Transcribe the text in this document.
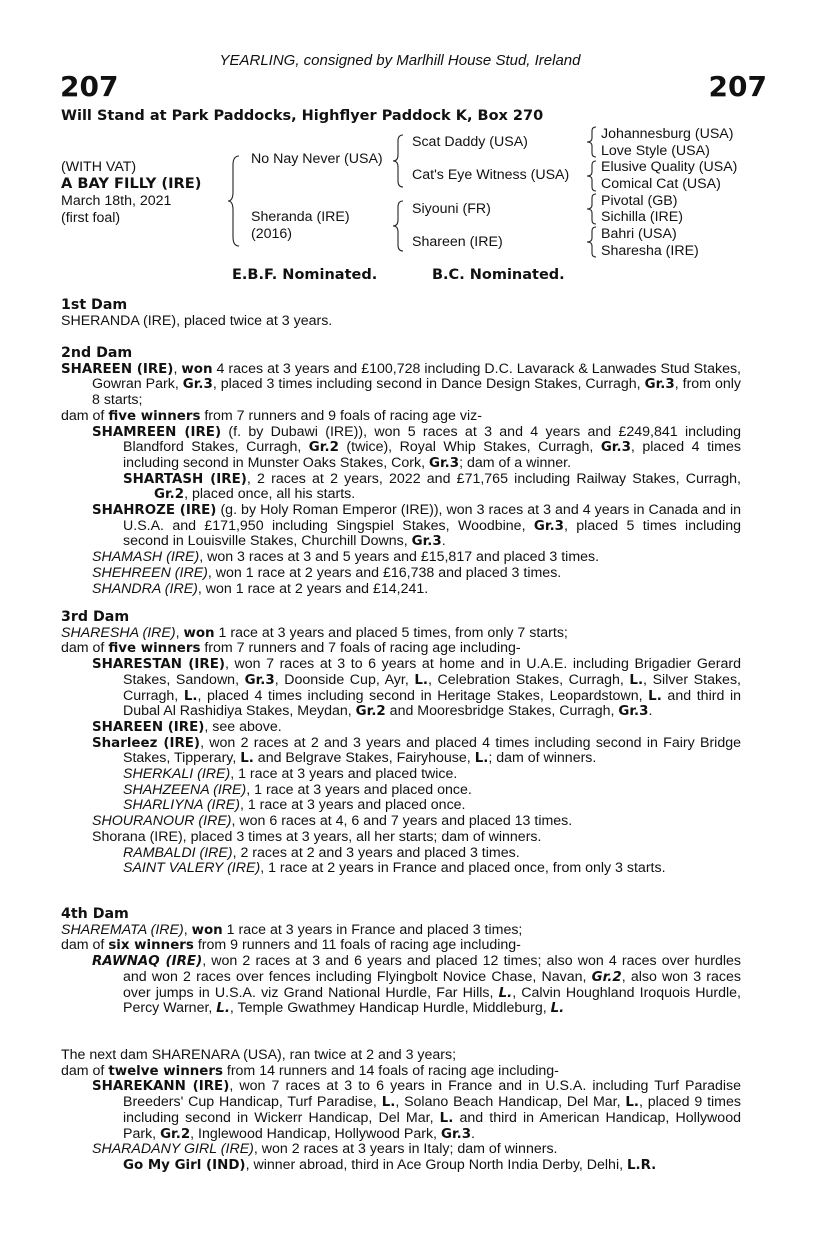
YEARLING, consigned by Marlhill House Stud, Ireland
207	207
Will Stand at Park Paddocks, Highflyer Paddock K, Box 270
(WITH VAT)
A BAY FILLY (IRE)
March 18th, 2021
(first foal)
No Nay Never (USA)
Sheranda (IRE)
(2016)
Scat Daddy (USA)
Cat's Eye Witness (USA)
Siyouni (FR)
Shareen (IRE)
Johannesburg (USA)
Love Style (USA)
Elusive Quality (USA)
Comical Cat (USA)
Pivotal (GB)
Sichilla (IRE)
Bahri (USA)
Sharesha (IRE)
E.B.F. Nominated.	B.C. Nominated.

1st Dam

SHERANDA (IRE), placed twice at 3 years.

2nd Dam

SHAREEN (IRE), won 4 races at 3 years and £100,728 including D.C. Lavarack & Lanwades Stud Stakes, Gowran Park, Gr.3, placed 3 times including second in Dance Design Stakes, Curragh, Gr.3, from only 8 starts;

dam of five winners from 7 runners and 9 foals of racing age viz-

SHAMREEN (IRE) (f. by Dubawi (IRE)), won 5 races at 3 and 4 years and £249,841 including Blandford Stakes, Curragh, Gr.2 (twice), Royal Whip Stakes, Curragh, Gr.3, placed 4 times including second in Munster Oaks Stakes, Cork, Gr.3; dam of a winner.

SHARTASH (IRE), 2 races at 2 years, 2022 and £71,765 including Railway Stakes, Curragh, Gr.2, placed once, all his starts.

SHAHROZE (IRE) (g. by Holy Roman Emperor (IRE)), won 3 races at 3 and 4 years in Canada and in U.S.A. and £171,950 including Singspiel Stakes, Woodbine, Gr.3, placed 5 times including second in Louisville Stakes, Churchill Downs, Gr.3.

SHAMASH (IRE), won 3 races at 3 and 5 years and £15,817 and placed 3 times.

SHEHREEN (IRE), won 1 race at 2 years and £16,738 and placed 3 times.

SHANDRA (IRE), won 1 race at 2 years and £14,241.

3rd Dam

SHARESHA (IRE), won 1 race at 3 years and placed 5 times, from only 7 starts;

dam of five winners from 7 runners and 7 foals of racing age including-

SHARESTAN (IRE), won 7 races at 3 to 6 years at home and in U.A.E. including Brigadier Gerard Stakes, Sandown, Gr.3, Doonside Cup, Ayr, L., Celebration Stakes, Curragh, L., Silver Stakes, Curragh, L., placed 4 times including second in Heritage Stakes, Leopardstown, L. and third in Dubal Al Rashidiya Stakes, Meydan, Gr.2 and Mooresbridge Stakes, Curragh, Gr.3.

SHAREEN (IRE), see above.

Sharleez (IRE), won 2 races at 2 and 3 years and placed 4 times including second in Fairy Bridge Stakes, Tipperary, L. and Belgrave Stakes, Fairyhouse, L.; dam of winners.

SHERKALI (IRE), 1 race at 3 years and placed twice.

SHAHZEENA (IRE), 1 race at 3 years and placed once.

SHARLIYNA (IRE), 1 race at 3 years and placed once.

SHOURANOUR (IRE), won 6 races at 4, 6 and 7 years and placed 13 times.

Shorana (IRE), placed 3 times at 3 years, all her starts; dam of winners.

RAMBALDI (IRE), 2 races at 2 and 3 years and placed 3 times.

SAINT VALERY (IRE), 1 race at 2 years in France and placed once, from only 3 starts.

4th Dam

SHAREMATA (IRE), won 1 race at 3 years in France and placed 3 times;

dam of six winners from 9 runners and 11 foals of racing age including-

RAWNAQ (IRE), won 2 races at 3 and 6 years and placed 12 times; also won 4 races over hurdles and won 2 races over fences including Flyingbolt Novice Chase, Navan, Gr.2, also won 3 races over jumps in U.S.A. viz Grand National Hurdle, Far Hills, L., Calvin Houghland Iroquois Hurdle, Percy Warner, L., Temple Gwathmey Handicap Hurdle, Middleburg, L.

The next dam SHARENARA (USA), ran twice at 2 and 3 years;

dam of twelve winners from 14 runners and 14 foals of racing age including-

SHAREKANN (IRE), won 7 races at 3 to 6 years in France and in U.S.A. including Turf Paradise Breeders' Cup Handicap, Turf Paradise, L., Solano Beach Handicap, Del Mar, L., placed 9 times including second in Wickerr Handicap, Del Mar, L. and third in American Handicap, Hollywood Park, Gr.2, Inglewood Handicap, Hollywood Park, Gr.3.

SHARADANY GIRL (IRE), won 2 races at 3 years in Italy; dam of winners.

Go My Girl (IND), winner abroad, third in Ace Group North India Derby, Delhi, L.R.
